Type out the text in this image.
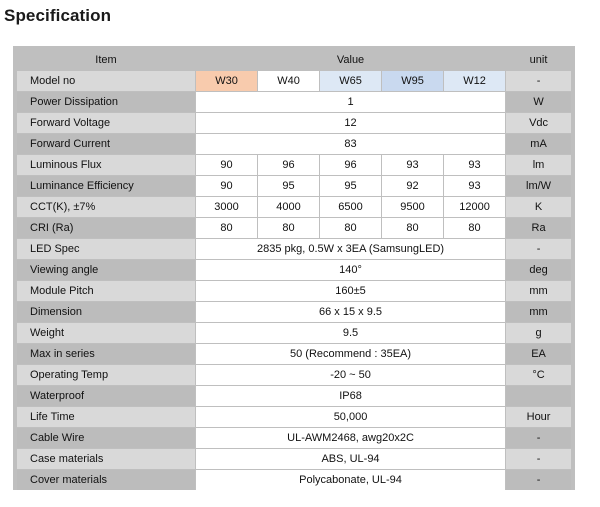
Specification
Item	Value					unit
Model no	W30	W40	W65	W95	W12	-
Power Dissipation	1					W
Forward Voltage	12					Vdc
Forward Current	83					mA
Luminous Flux	90	96	96	93	93	lm
Luminance Efficiency	90	95	95	92	93	lm/W
CCT(K), ±7%	3000	4000	6500	9500	12000	K
CRI (Ra)	80	80	80	80	80	Ra
LED Spec	2835 pkg, 0.5W x 3EA (SamsungLED)					-
Viewing angle	140°					deg
Module Pitch	160±5					mm
Dimension	66 x 15 x 9.5					mm
Weight	9.5					g
Max in series	50 (Recommend : 35EA)					EA
Operating Temp	-20 ~ 50					°C
Waterproof	IP68					
Life Time	50,000					Hour
Cable Wire	UL-AWM2468, awg20x2C					-
Case materials	ABS, UL-94					-
Cover materials	Polycabonate, UL-94					-
